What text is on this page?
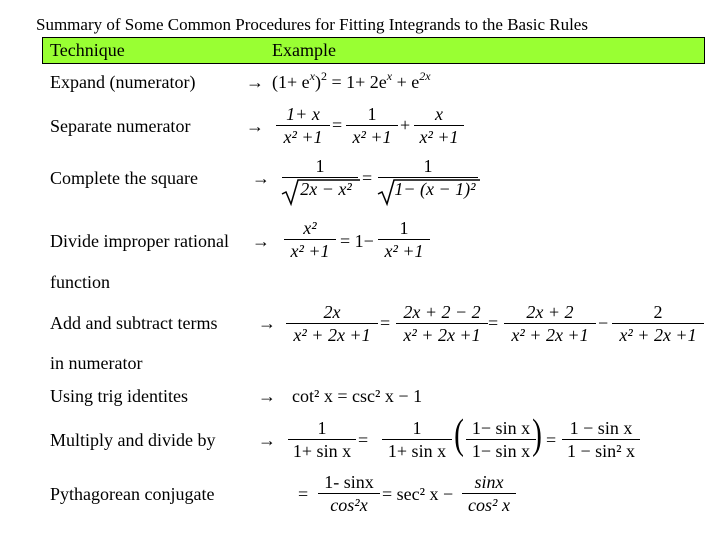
Summary of Some Common Procedures for Fitting Integrands to the Basic Rules
Technique	Example
Expand (numerator)
Separate numerator
Complete the square
Divide improper rational
function
Add and subtract terms
in numerator
Using trig identites
Multiply and divide by
Pythagorean conjugate
→
→
→
→
→
→
→
$(1+ e^x)^2 = 1+ 2e^x + e^{2x}$
1+ x
x² +1
=
1
x² +1
+
x
x² +1
1
2x − x²
=
1
1− (x − 1)²
x²
x² +1 = 1−
1
x² +1
2x
x² + 2x +1
=
2x + 2 − 2
x² + 2x +1
=
2x + 2
x² + 2x +1
−
2
x² + 2x +1
cot² x = csc² x − 1
1
1+ sin x
= (
1
1+ sin x
1− sin x
1− sin x ) =
1 − sin x
1 − sin² x
=
1- sinx
cos²x
= sec² x −
sinx
cos² x
